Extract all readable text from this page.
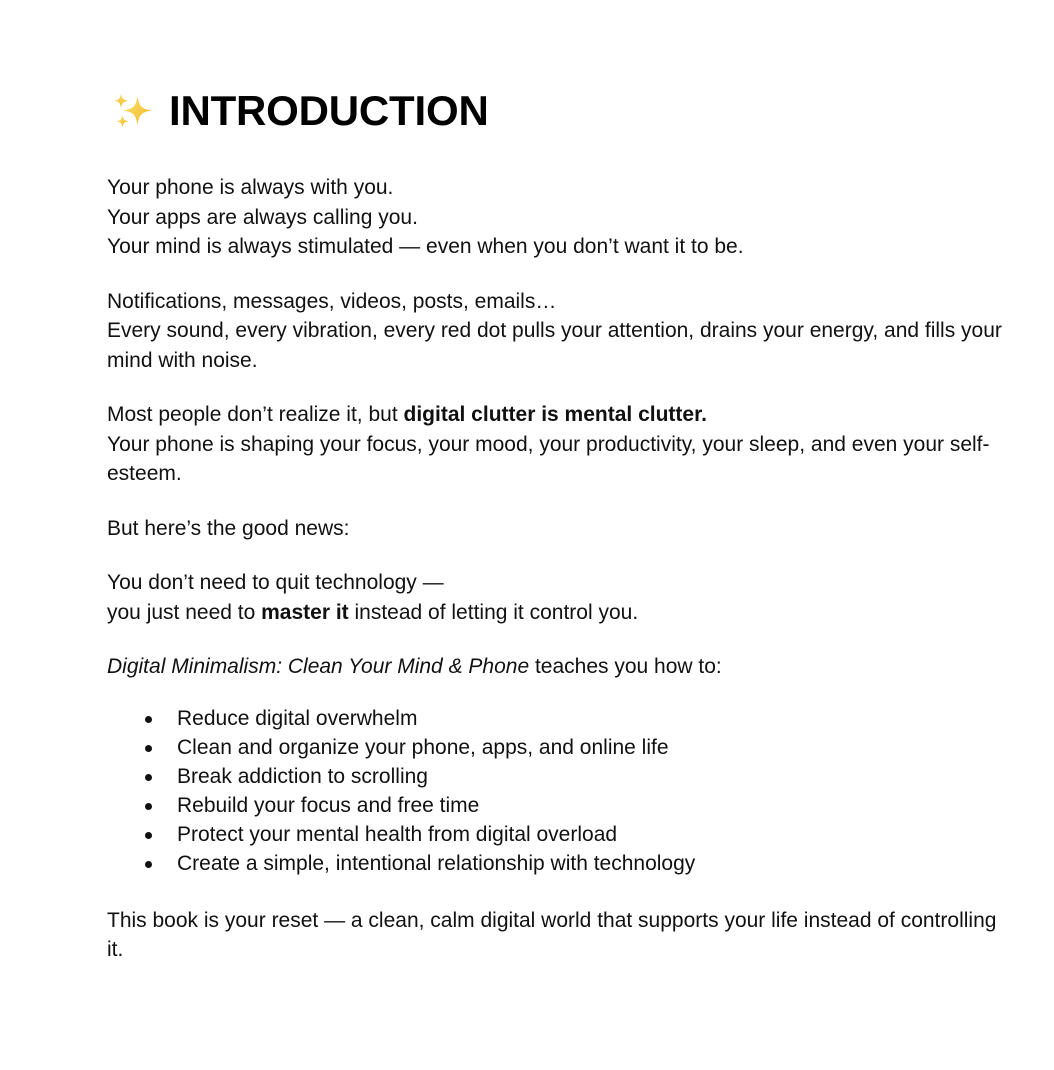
INTRODUCTION

Your phone is always with you.
Your apps are always calling you.
Your mind is always stimulated — even when you don’t want it to be.

Notifications, messages, videos, posts, emails…
Every sound, every vibration, every red dot pulls your attention, drains your energy, and fills your mind with noise.

Most people don’t realize it, but digital clutter is mental clutter.
Your phone is shaping your focus, your mood, your productivity, your sleep, and even your self-esteem.

But here’s the good news:

You don’t need to quit technology —
you just need to master it instead of letting it control you.

Digital Minimalism: Clean Your Mind & Phone teaches you how to:

Reduce digital overwhelm
Clean and organize your phone, apps, and online life
Break addiction to scrolling
Rebuild your focus and free time
Protect your mental health from digital overload
Create a simple, intentional relationship with technology

This book is your reset — a clean, calm digital world that supports your life instead of controlling it.
